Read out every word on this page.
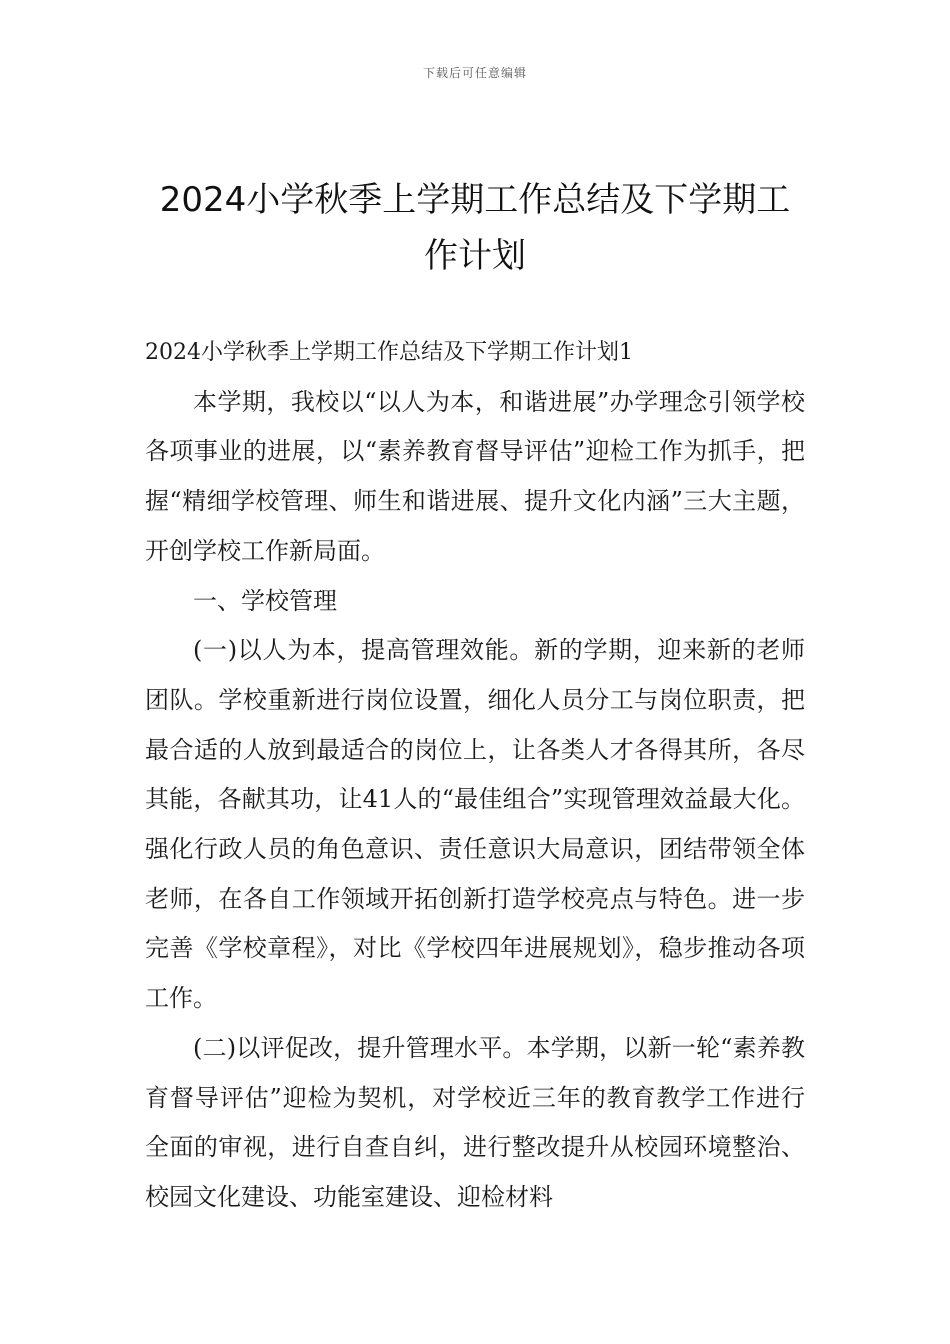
下载后可任意编辑
2024小学秋季上学期工作总结及下学期工作计划

2024小学秋季上学期工作总结及下学期工作计划1

本学期，我校以“以人为本，和谐进展”办学理念引领学校各项事业的进展，以“素养教育督导评估”迎检工作为抓手，把握“精细学校管理、师生和谐进展、提升文化内涵”三大主题，开创学校工作新局面。

一、学校管理

(一)以人为本，提高管理效能。新的学期，迎来新的老师团队。学校重新进行岗位设置，细化人员分工与岗位职责，把最合适的人放到最适合的岗位上，让各类人才各得其所，各尽其能，各献其功，让41人的“最佳组合”实现管理效益最大化。强化行政人员的角色意识、责任意识大局意识，团结带领全体老师，在各自工作领域开拓创新打造学校亮点与特色。进一步完善《学校章程》，对比《学校四年进展规划》，稳步推动各项工作。

(二)以评促改，提升管理水平。本学期，以新一轮“素养教育督导评估”迎检为契机，对学校近三年的教育教学工作进行全面的审视，进行自查自纠，进行整改提升从校园环境整治、校园文化建设、功能室建设、迎检材料
